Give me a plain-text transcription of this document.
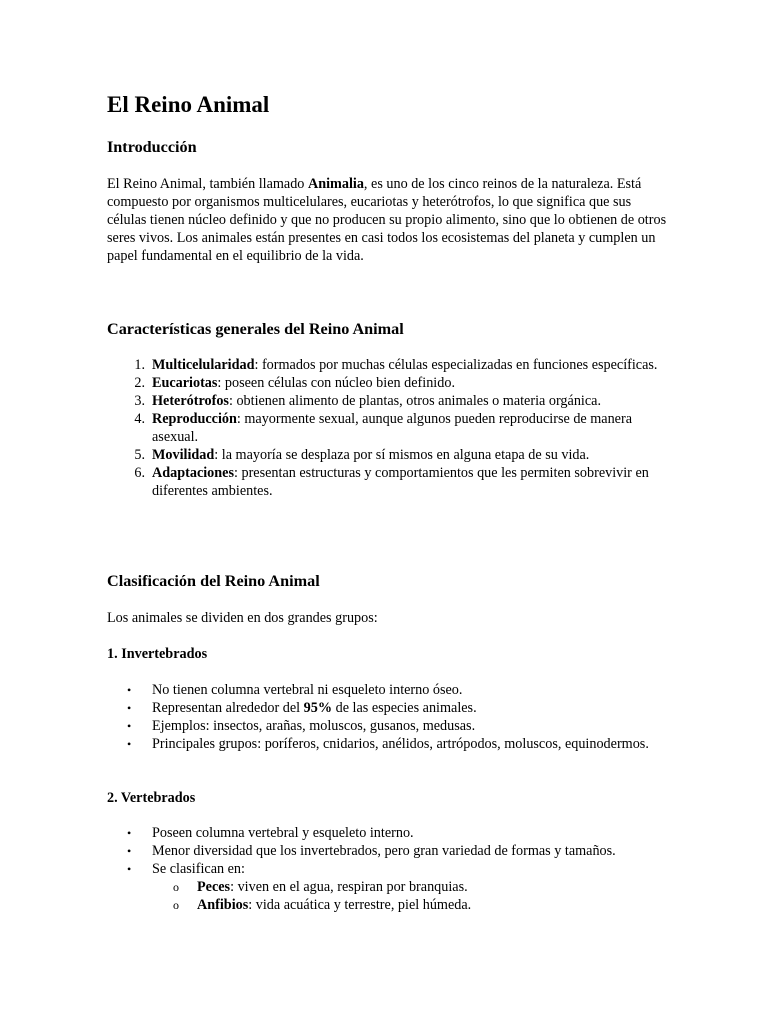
El Reino Animal
Introducción

El Reino Animal, también llamado Animalia, es uno de los cinco reinos de la naturaleza. Está compuesto por organismos multicelulares, eucariotas y heterótrofos, lo que significa que sus células tienen núcleo definido y que no producen su propio alimento, sino que lo obtienen de otros seres vivos. Los animales están presentes en casi todos los ecosistemas del planeta y cumplen un papel fundamental en el equilibrio de la vida.

Características generales del Reino Animal
1. Multicelularidad: formados por muchas células especializadas en funciones específicas.
2. Eucariotas: poseen células con núcleo bien definido.
3. Heterótrofos: obtienen alimento de plantas, otros animales o materia orgánica.
4. Reproducción: mayormente sexual, aunque algunos pueden reproducirse de manera asexual.
5. Movilidad: la mayoría se desplaza por sí mismos en alguna etapa de su vida.
6. Adaptaciones: presentan estructuras y comportamientos que les permiten sobrevivir en diferentes ambientes.
Clasificación del Reino Animal

Los animales se dividen en dos grandes grupos:

1. Invertebrados
• No tienen columna vertebral ni esqueleto interno óseo.
• Representan alrededor del 95% de las especies animales.
• Ejemplos: insectos, arañas, moluscos, gusanos, medusas.
• Principales grupos: poríferos, cnidarios, anélidos, artrópodos, moluscos, equinodermos.
2. Vertebrados
• Poseen columna vertebral y esqueleto interno.
• Menor diversidad que los invertebrados, pero gran variedad de formas y tamaños.
• Se clasifican en:
o Peces: viven en el agua, respiran por branquias.
o Anfibios: vida acuática y terrestre, piel húmeda.
